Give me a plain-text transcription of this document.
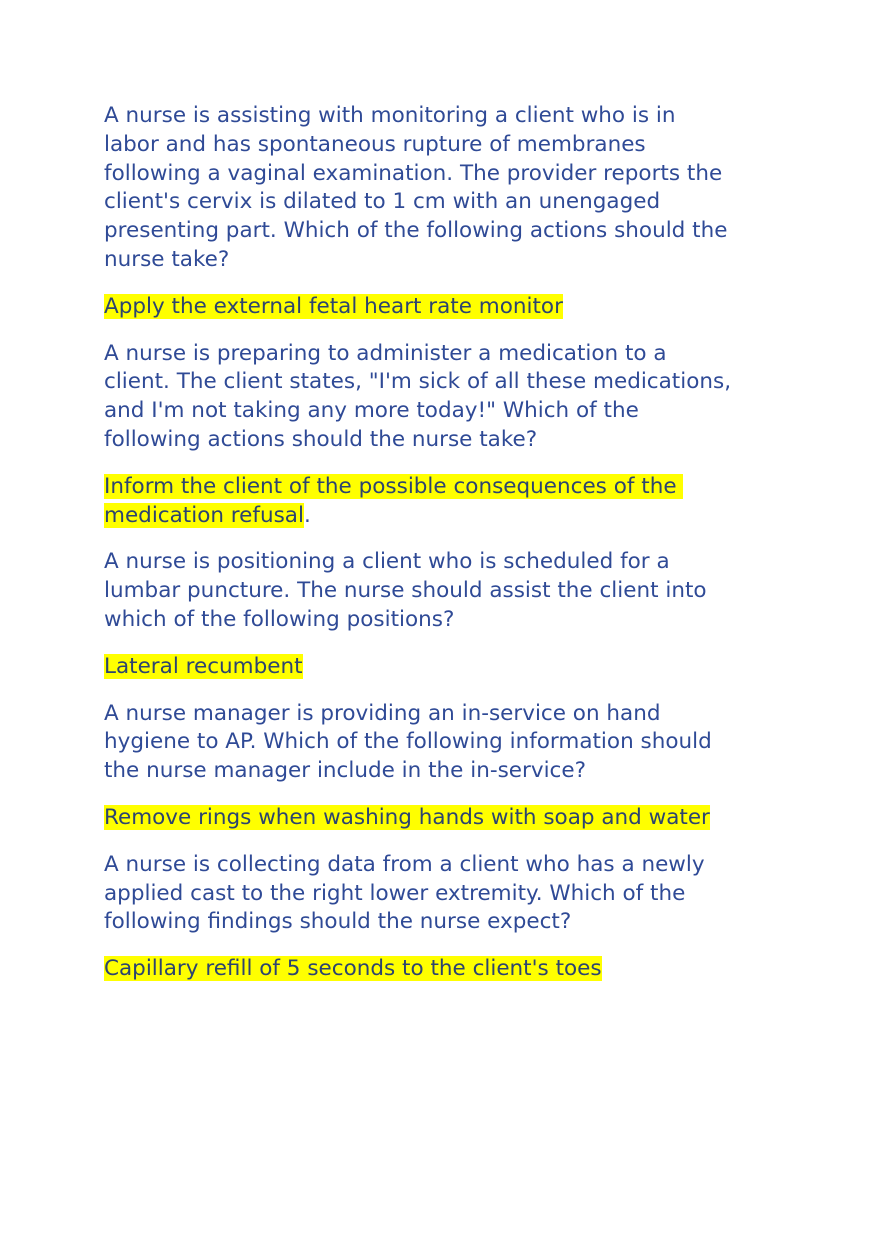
A nurse is assisting with monitoring a client who is in
labor and has spontaneous rupture of membranes
following a vaginal examination. The provider reports the
client's cervix is dilated to 1 cm with an unengaged
presenting part. Which of the following actions should the
nurse take?

Apply the external fetal heart rate monitor

A nurse is preparing to administer a medication to a
client. The client states, "I'm sick of all these medications,
and I'm not taking any more today!" Which of the
following actions should the nurse take?

Inform the client of the possible consequences of the
medication refusal.

A nurse is positioning a client who is scheduled for a
lumbar puncture. The nurse should assist the client into
which of the following positions?

Lateral recumbent

A nurse manager is providing an in-service on hand
hygiene to AP. Which of the following information should
the nurse manager include in the in-service?

Remove rings when washing hands with soap and water

A nurse is collecting data from a client who has a newly
applied cast to the right lower extremity. Which of the
following findings should the nurse expect?

Capillary refill of 5 seconds to the client's toes
